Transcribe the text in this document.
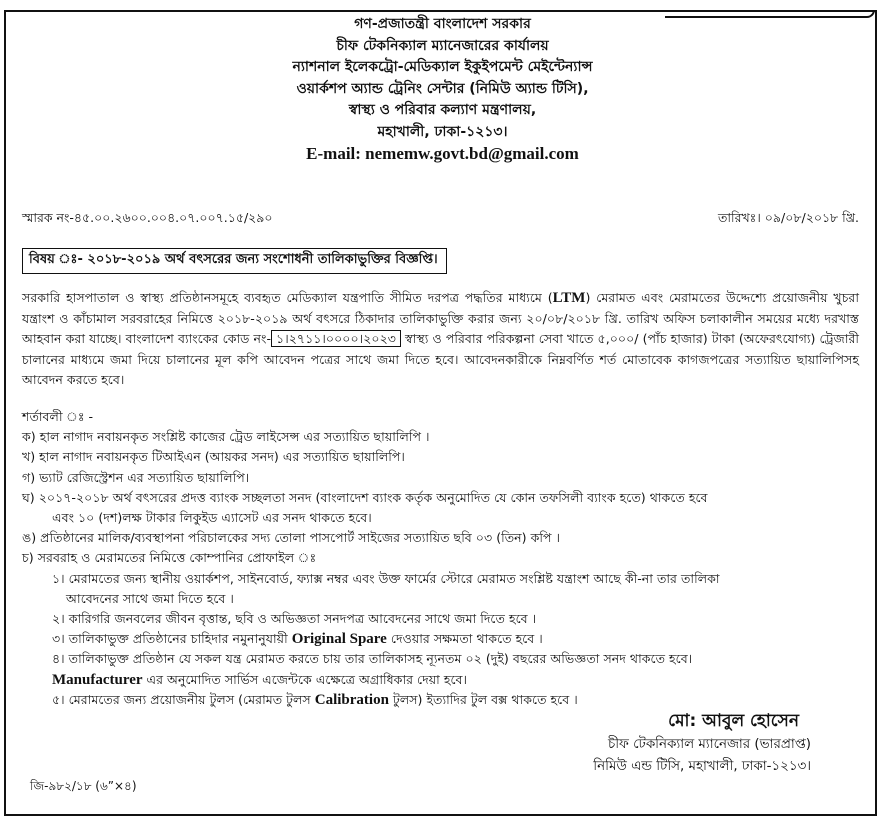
গণ-প্রজাতন্ত্রী বাংলাদেশ সরকার
চীফ টেকনিক্যাল ম্যানেজারের কার্যালয়
ন্যাশনাল ইলেকট্রো-মেডিক্যাল ইকুইপমেন্ট মেইন্টেন্যান্স
ওয়ার্কশপ অ্যান্ড ট্রেনিং সেন্টার (নিমিউ অ্যান্ড টিসি),
স্বাস্থ্য ও পরিবার কল্যাণ মন্ত্রণালয়,
মহাখালী, ঢাকা-১২১৩।
E-mail: nememw.govt.bd@gmail.com
স্মারক নং-৪৫.০০.২৬০০.০০৪.০৭.০০৭.১৫/২৯০	তারিখঃ। ০৯/০৮/২০১৮ খ্রি.
বিষয় ঃ- ২০১৮-২০১৯ অর্থ বৎসরের জন্য সংশোধনী তালিকাভুক্তির বিজ্ঞপ্তি।
সরকারি হাসপাতাল ও স্বাস্থ্য প্রতিষ্ঠানসমূহে ব্যবহৃত মেডিক্যাল যন্ত্রপাতি সীমিত দরপত্র পদ্ধতির মাধ্যমে (LTM) মেরামত এবং মেরামতের উদ্দেশ্যে প্রয়োজনীয় খুচরা যন্ত্রাংশ ও কাঁচামাল সরবরাহের নিমিত্তে ২০১৮-২০১৯ অর্থ বৎসরে ঠিকাদার তালিকাভুক্তি করার জন্য ২০/০৮/২০১৮ খ্রি. তারিখ অফিস চলাকালীন সময়ের মধ্যে দরখাস্ত আহবান করা যাচ্ছে। বাংলাদেশ ব্যাংকের কোড নং- ১।২৭১১।০০০০।২০২৩ স্বাস্থ্য ও পরিবার পরিকল্পনা সেবা খাতে ৫,০০০/ (পাঁচ হাজার) টাকা (অফেরৎযোগ্য) ট্রেজারী চালানের মাধ্যমে জমা দিয়ে চালানের মূল কপি আবেদন পত্রের সাথে জমা দিতে হবে। আবেদনকারীকে নিম্নবর্ণিত শর্ত মোতাবেক কাগজপত্রের সত্যায়িত ছায়ালিপিসহ আবেদন করতে হবে।
শর্তাবলী ঃ -
ক) হাল নাগাদ নবায়নকৃত সংশ্লিষ্ট কাজের ট্রেড লাইসেন্স এর সত্যায়িত ছায়ালিপি ।
খ) হাল নাগাদ নবায়নকৃত টিআইএন (আয়কর সনদ) এর সত্যায়িত ছায়ালিপি।
গ) ভ্যাট রেজিস্ট্রেশন এর সত্যায়িত ছায়ালিপি।
ঘ) ২০১৭-২০১৮ অর্থ বৎসরের প্রদত্ত ব্যাংক সচ্ছলতা সনদ (বাংলাদেশ ব্যাংক কর্তৃক অনুমোদিত যে কোন তফসিলী ব্যাংক হতে) থাকতে হবে
এবং ১০ (দশ)লক্ষ টাকার লিকুইড এ্যাসেট এর সনদ থাকতে হবে।
ঙ) প্রতিষ্ঠানের মালিক/ব্যবস্থাপনা পরিচালকের সদ্য তোলা পাসপোর্ট সাইজের সত্যায়িত ছবি ০৩ (তিন) কপি ।
চ) সরবরাহ ও মেরামতের নিমিত্তে কোম্পানির প্রোফাইল ঃ
১। মেরামতের জন্য স্থানীয় ওয়ার্কশপ, সাইনবোর্ড, ফ্যাক্স নম্বর এবং উক্ত ফার্মের স্টোরে মেরামত সংশ্লিষ্ট যন্ত্রাংশ আছে কী-না তার তালিকা
আবেদনের সাথে জমা দিতে হবে ।
২। কারিগরি জনবলের জীবন বৃত্তান্ত, ছবি ও অভিজ্ঞতা সনদপত্র আবেদনের সাথে জমা দিতে হবে ।
৩। তালিকাভুক্ত প্রতিষ্ঠানের চাহিদার নমুনানুযায়ী Original Spare দেওয়ার সক্ষমতা থাকতে হবে ।
৪। তালিকাভুক্ত প্রতিষ্ঠান যে সকল যন্ত্র মেরামত করতে চায় তার তালিকাসহ ন্যূনতম ০২ (দুই) বছরের অভিজ্ঞতা সনদ থাকতে হবে।
Manufacturer এর অনুমোদিত সার্ভিস এজেন্টকে এক্ষেত্রে অগ্রাধিকার দেয়া হবে।
৫। মেরামতের জন্য প্রয়োজনীয় টুলস (মেরামত টুলস Calibration টুলস) ইত্যাদির টুল বক্স থাকতে হবে ।
মো: আবুল হোসেন
চীফ টেকনিক্যাল ম্যানেজার (ভারপ্রাপ্ত)
নিমিউ এন্ড টিসি, মহাখালী, ঢাকা-১২১৩।
জি-৯৮২/১৮ (৬”×৪)
